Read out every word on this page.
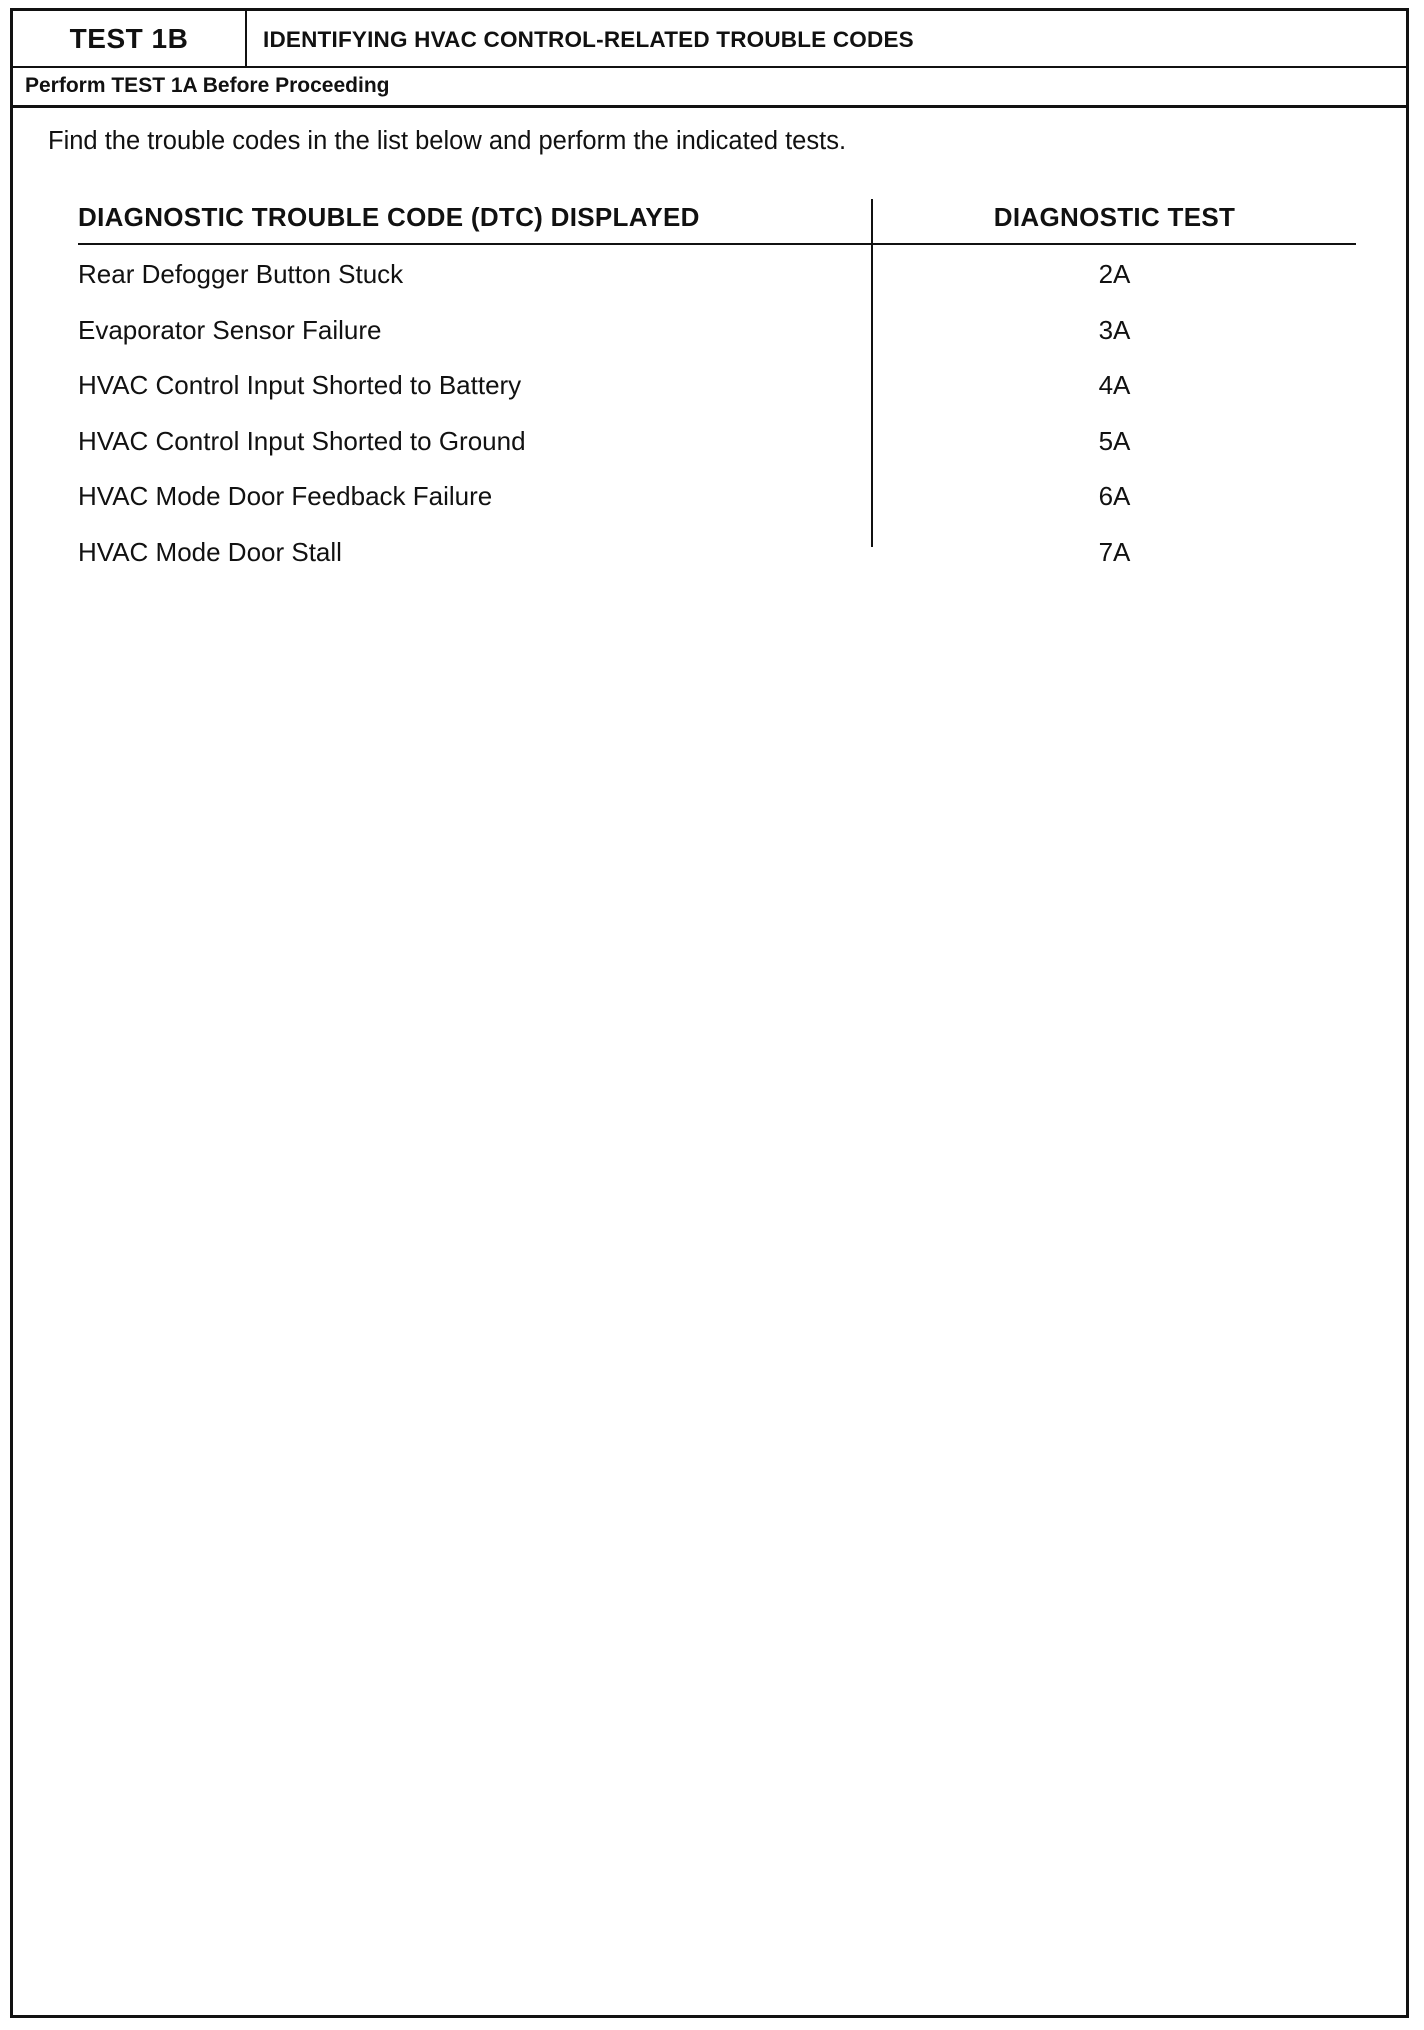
TEST 1B	IDENTIFYING HVAC CONTROL-RELATED TROUBLE CODES
Perform TEST 1A Before Proceeding
Find the trouble codes in the list below and perform the indicated tests.
DIAGNOSTIC TROUBLE CODE (DTC) DISPLAYED	DIAGNOSTIC TEST
Rear Defogger Button Stuck	2A
Evaporator Sensor Failure	3A
HVAC Control Input Shorted to Battery	4A
HVAC Control Input Shorted to Ground	5A
HVAC Mode Door Feedback Failure	6A
HVAC Mode Door Stall	7A
